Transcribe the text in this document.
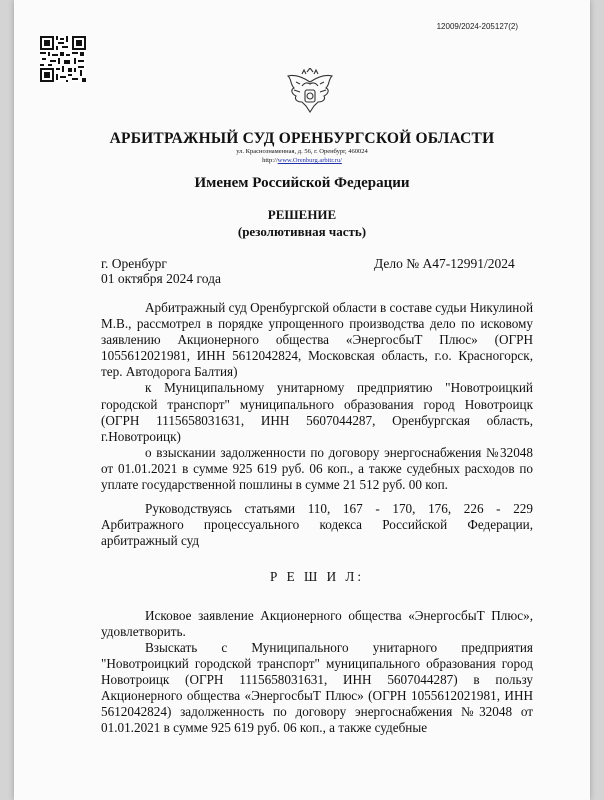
12009/2024-205127(2)
АРБИТРАЖНЫЙ СУД ОРЕНБУРГСКОЙ ОБЛАСТИ
ул. Краснознаменная, д. 56, г. Оренбург, 460024
http://www.Orenburg.arbitr.ru/
Именем Российской Федерации
РЕШЕНИЕ
(резолютивная часть)
г. Оренбург	Дело № А47-12991/2024
01 октября 2024 года

Арбитражный суд Оренбургской области в составе судьи Никулиной М.В., рассмотрел в порядке упрощенного производства дело по исковому заявлению Акционерного общества «ЭнергосбыТ Плюс» (ОГРН 1055612021981, ИНН 5612042824, Московская область, г.о. Красногорск, тер. Автодорога Балтия)

к Муниципальному унитарному предприятию "Новотроицкий городской транспорт" муниципального образования город Новотроицк (ОГРН 1115658031631, ИНН 5607044287, Оренбургская область, г.Новотроицк)

о взыскании задолженности по договору энергоснабжения №32048 от 01.01.2021 в сумме 925 619 руб. 06 коп., а также судебных расходов по уплате государственной пошлины в сумме 21 512 руб. 00 коп.

Руководствуясь статьями 110, 167 - 170, 176, 226 - 229 Арбитражного процессуального кодекса Российской Федерации, арбитражный суд

Р Е Ш И Л:

Исковое заявление Акционерного общества «ЭнергосбыТ Плюс», удовлетворить.

Взыскать с Муниципального унитарного предприятия "Новотроицкий городской транспорт" муниципального образования город Новотроицк (ОГРН 1115658031631, ИНН 5607044287) в пользу Акционерного общества «ЭнергосбыТ Плюс» (ОГРН 1055612021981, ИНН 5612042824) задолженность по договору энергоснабжения №32048 от 01.01.2021 в сумме 925 619 руб. 06 коп., а также судебные
